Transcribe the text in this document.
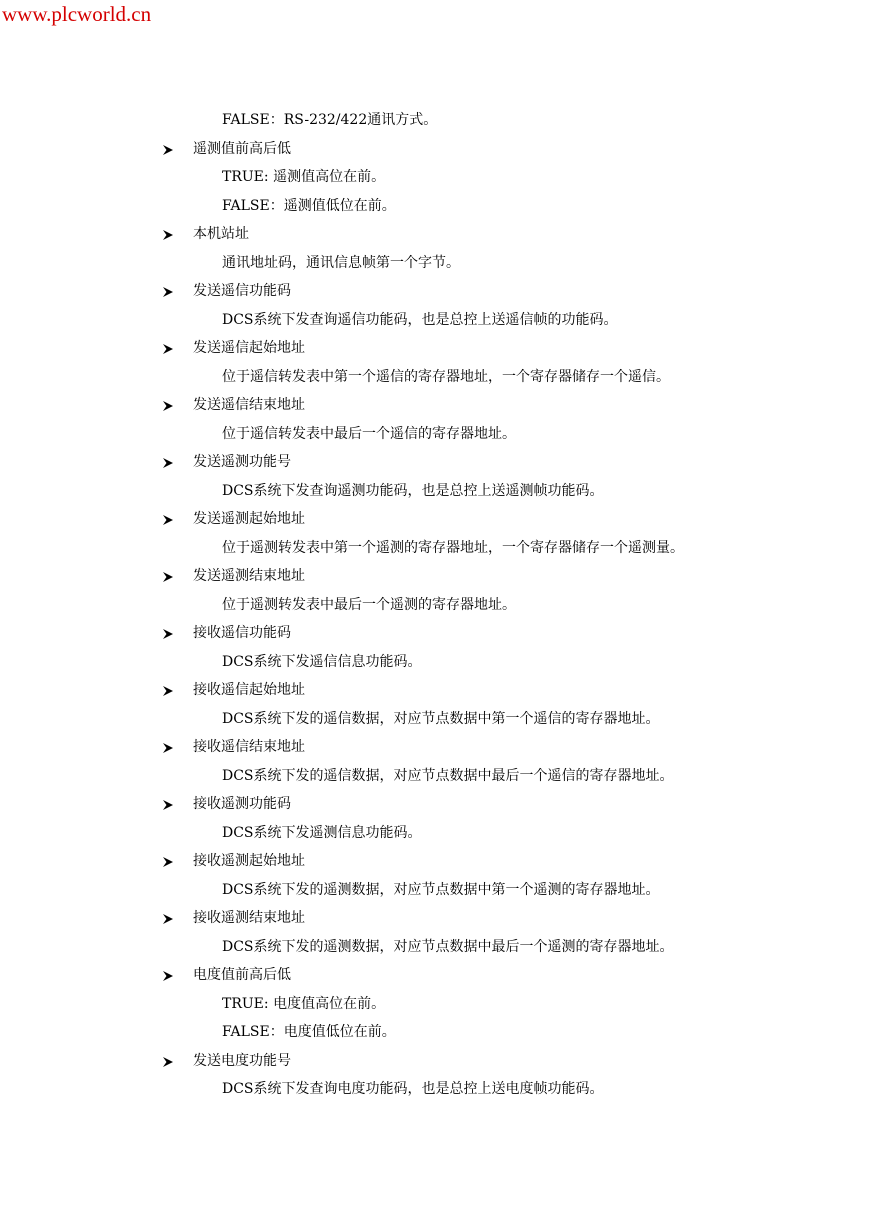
www.plcworld.cn
FALSE：RS-232/422通讯方式。
遥测值前高后低
TRUE: 遥测值高位在前。
FALSE：遥测值低位在前。
本机站址
通讯地址码，通讯信息帧第一个字节。
发送遥信功能码
DCS系统下发查询遥信功能码，也是总控上送遥信帧的功能码。
发送遥信起始地址
位于遥信转发表中第一个遥信的寄存器地址，一个寄存器储存一个遥信。
发送遥信结束地址
位于遥信转发表中最后一个遥信的寄存器地址。
发送遥测功能号
DCS系统下发查询遥测功能码，也是总控上送遥测帧功能码。
发送遥测起始地址
位于遥测转发表中第一个遥测的寄存器地址，一个寄存器储存一个遥测量。
发送遥测结束地址
位于遥测转发表中最后一个遥测的寄存器地址。
接收遥信功能码
DCS系统下发遥信信息功能码。
接收遥信起始地址
DCS系统下发的遥信数据，对应节点数据中第一个遥信的寄存器地址。
接收遥信结束地址
DCS系统下发的遥信数据，对应节点数据中最后一个遥信的寄存器地址。
接收遥测功能码
DCS系统下发遥测信息功能码。
接收遥测起始地址
DCS系统下发的遥测数据，对应节点数据中第一个遥测的寄存器地址。
接收遥测结束地址
DCS系统下发的遥测数据，对应节点数据中最后一个遥测的寄存器地址。
电度值前高后低
TRUE: 电度值高位在前。
FALSE：电度值低位在前。
发送电度功能号
DCS系统下发查询电度功能码，也是总控上送电度帧功能码。
